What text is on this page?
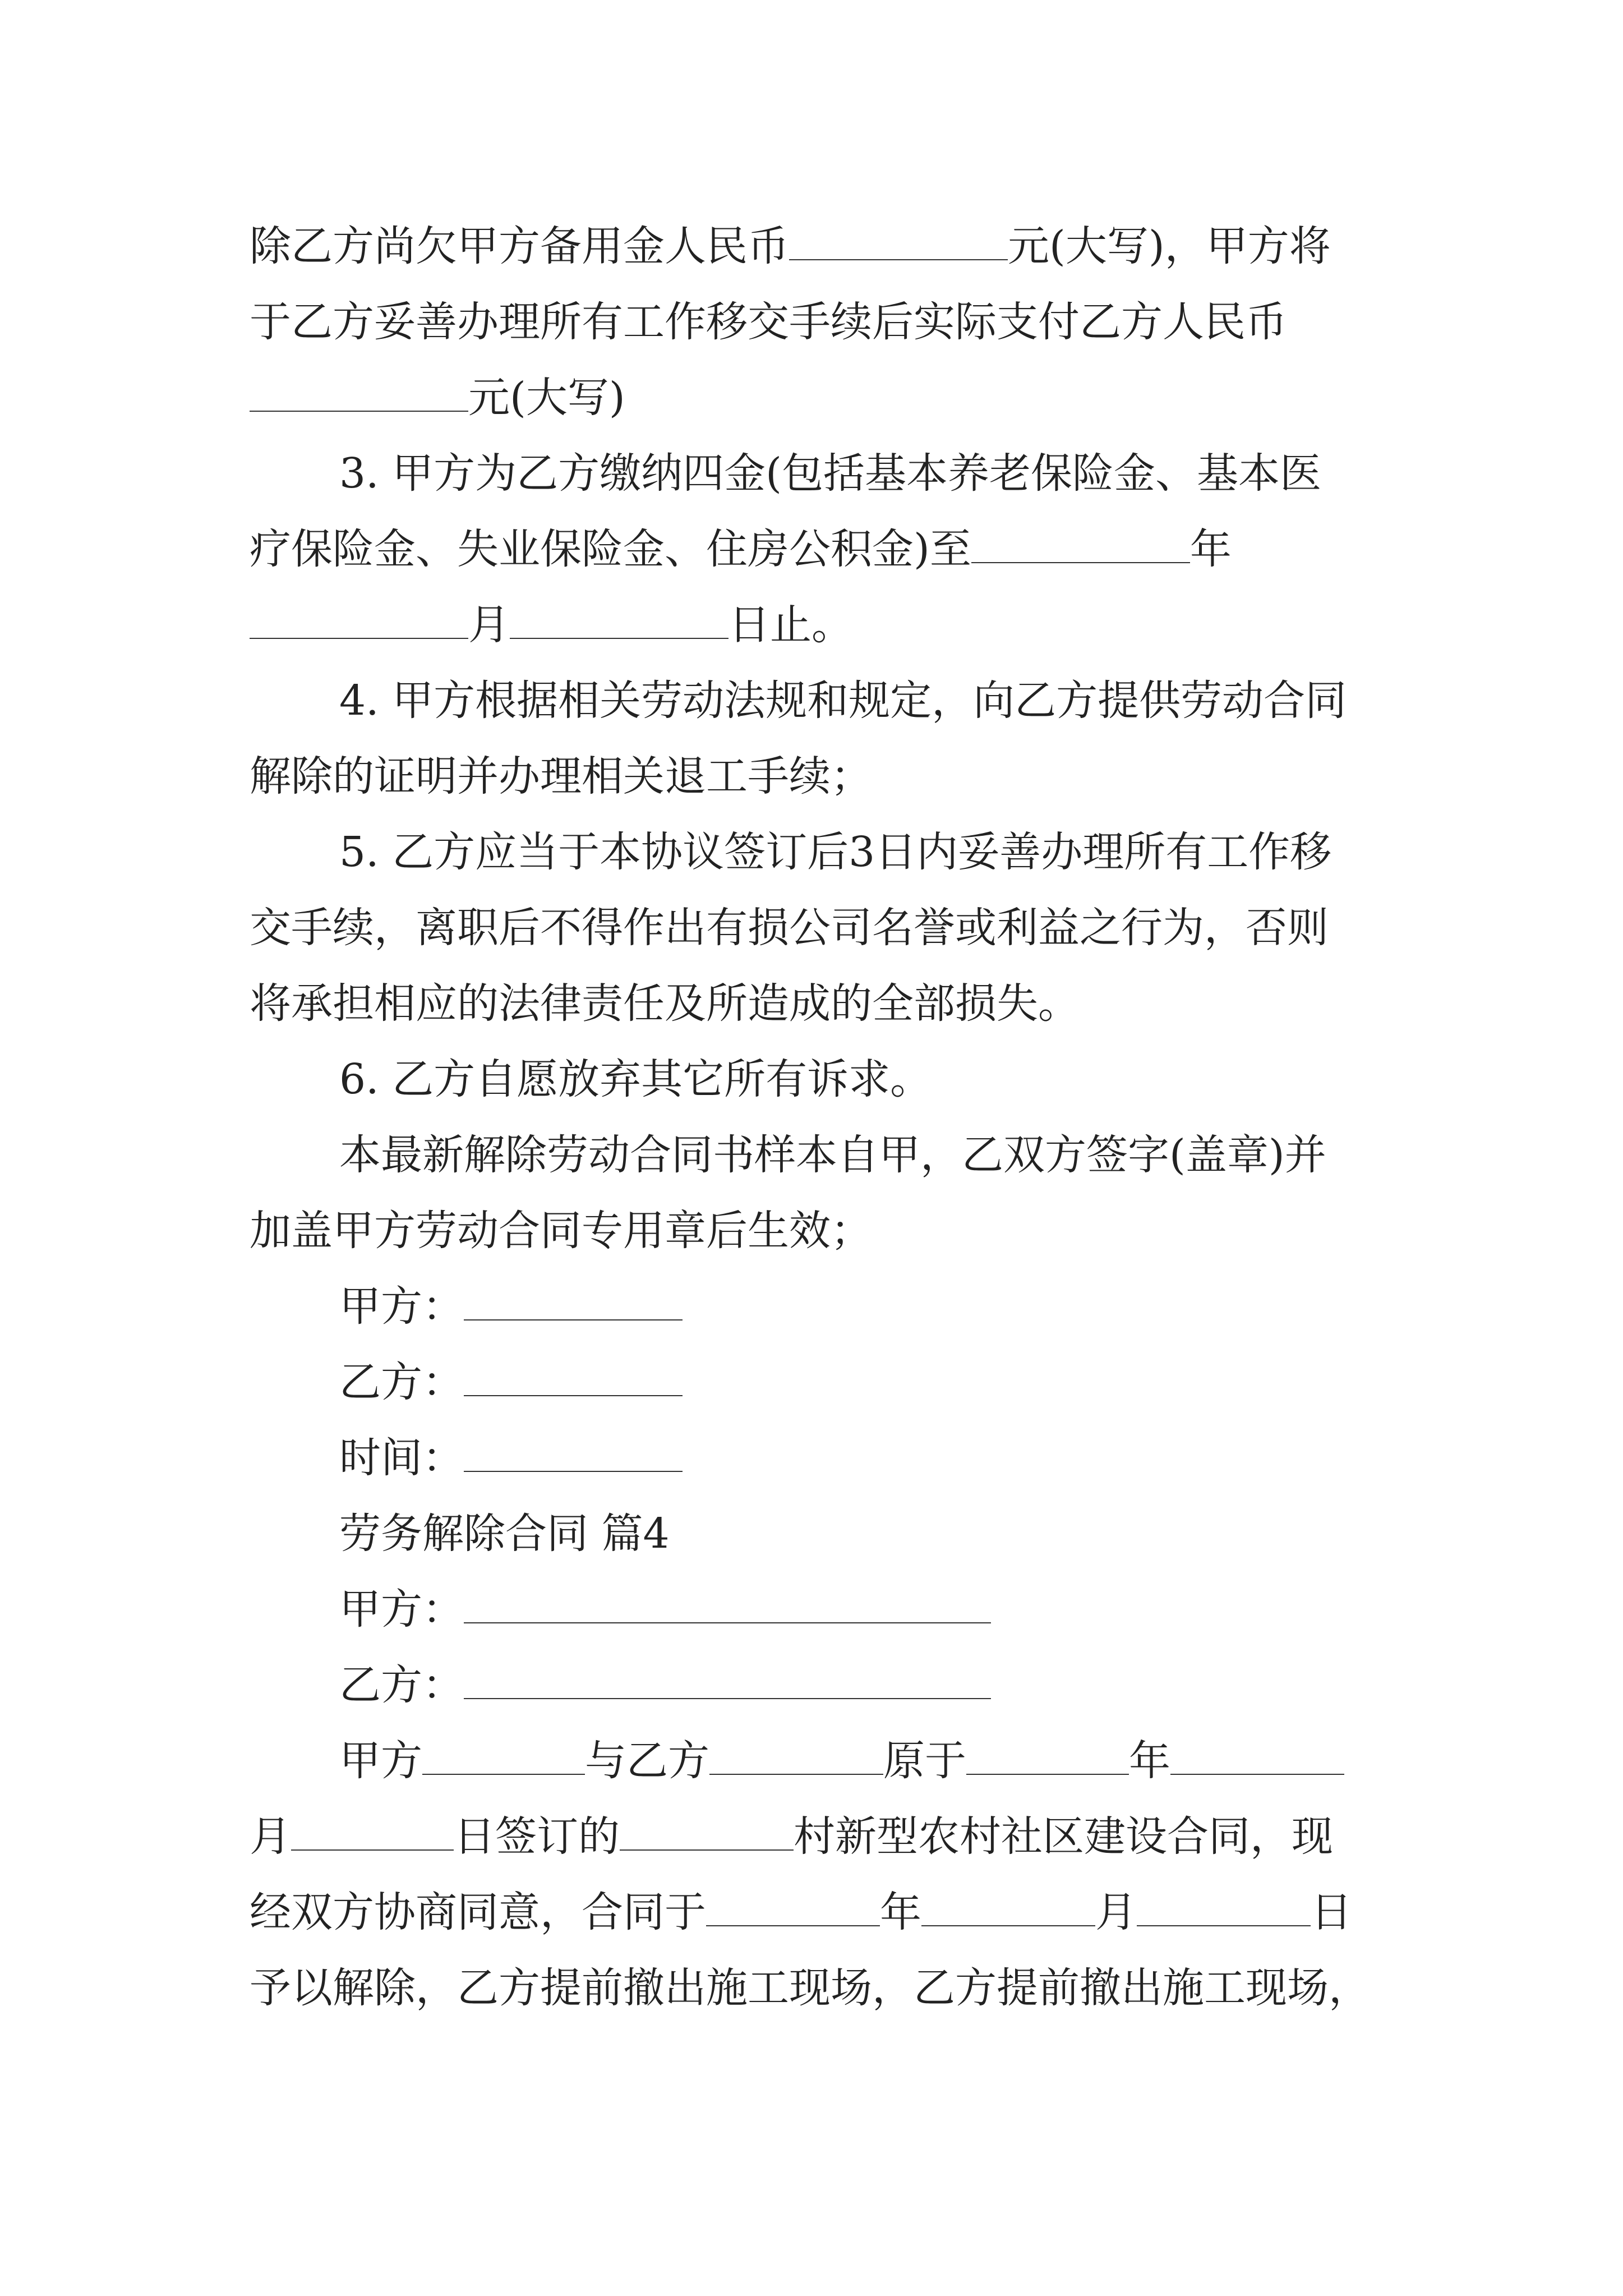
除乙方尚欠甲方备用金人民币	元(大写)，甲方将
于乙方妥善办理所有工作移交手续后实际支付乙方人民币
元(大写)
3. 甲方为乙方缴纳四金(包括基本养老保险金、基本医
疗保险金、失业保险金、住房公积金)至	年
月	日止。
4. 甲方根据相关劳动法规和规定，向乙方提供劳动合同
解除的证明并办理相关退工手续；
5. 乙方应当于本协议签订后3日内妥善办理所有工作移
交手续，离职后不得作出有损公司名誉或利益之行为，否则
将承担相应的法律责任及所造成的全部损失。
6. 乙方自愿放弃其它所有诉求。
本最新解除劳动合同书样本自甲，乙双方签字(盖章)并
加盖甲方劳动合同专用章后生效；
甲方：
乙方：
时间：
劳务解除合同 篇4
甲方：
乙方：
甲方	与乙方	原于	年
月	日签订的	村新型农村社区建设合同，现
经双方协商同意，合同于	年	月	日
予以解除，乙方提前撤出施工现场，乙方提前撤出施工现场，
